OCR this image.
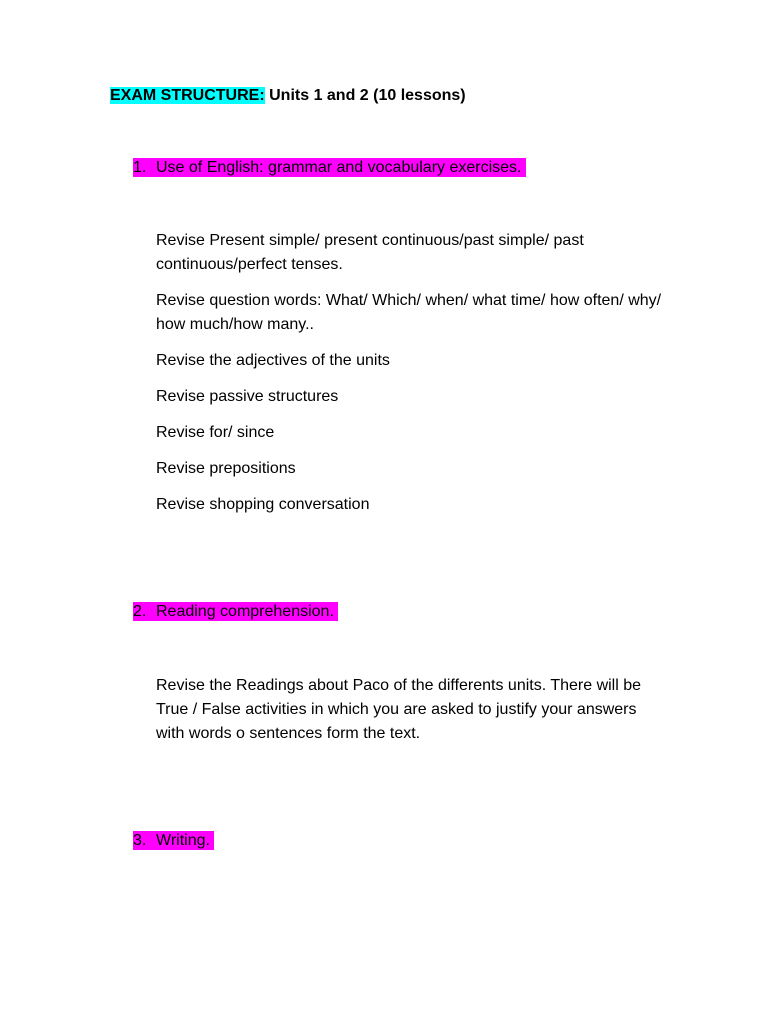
EXAM STRUCTURE: Units 1 and 2 (10 lessons)
1. Use of English: grammar and vocabulary exercises.
Revise Present simple/ present continuous/past simple/ past continuous/perfect tenses.
Revise question words: What/ Which/ when/ what time/ how often/ why/ how much/how many..
Revise the adjectives of the units
Revise passive structures
Revise for/ since
Revise prepositions
Revise shopping conversation
2. Reading comprehension.
Revise the Readings about Paco of the differents units. There will be True / False activities in which you are asked to justify your answers with words o sentences form the text.
3. Writing.
